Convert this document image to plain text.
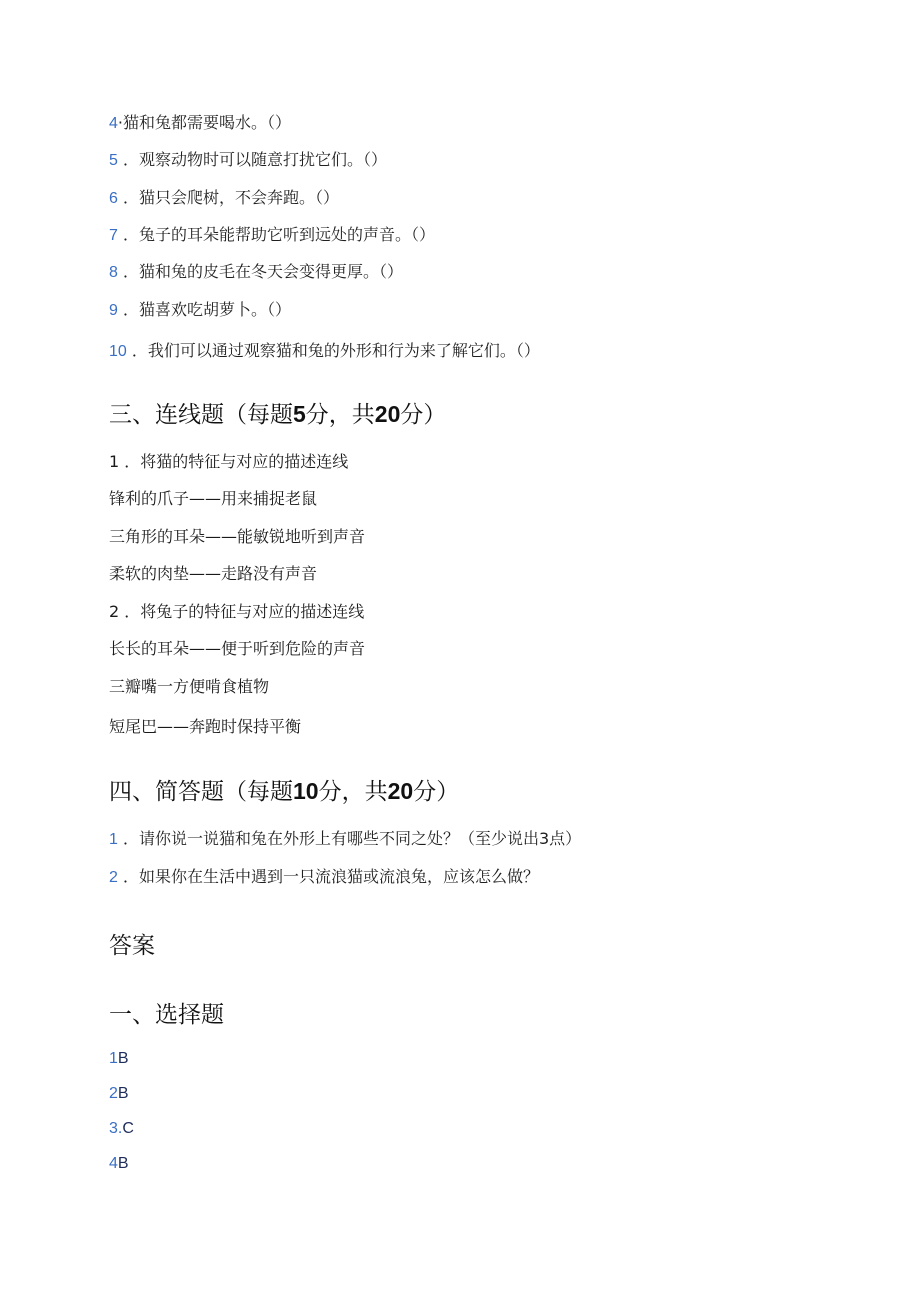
4·猫和兔都需要喝水。（）
5 ．观察动物时可以随意打扰它们。（）
6 ．猫只会爬树，不会奔跑。（）
7 ．兔子的耳朵能帮助它听到远处的声音。（）
8 ．猫和兔的皮毛在冬天会变得更厚。（）
9 ．猫喜欢吃胡萝卜。（）
10 ．我们可以通过观察猫和兔的外形和行为来了解它们。（）
三、连线题（每题5分，共20分）
1 ．将猫的特征与对应的描述连线
锋利的爪子——用来捕捉老鼠
三角形的耳朵——能敏锐地听到声音
柔软的肉垫——走路没有声音
2 ．将兔子的特征与对应的描述连线
长长的耳朵——便于听到危险的声音
三瓣嘴一方便啃食植物
短尾巴——奔跑时保持平衡
四、简答题（每题10分，共20分）
1 ．请你说一说猫和兔在外形上有哪些不同之处？（至少说出3点）
2 ．如果你在生活中遇到一只流浪猫或流浪兔，应该怎么做？
答案
一、选择题
1B
2B
3.C
4B
